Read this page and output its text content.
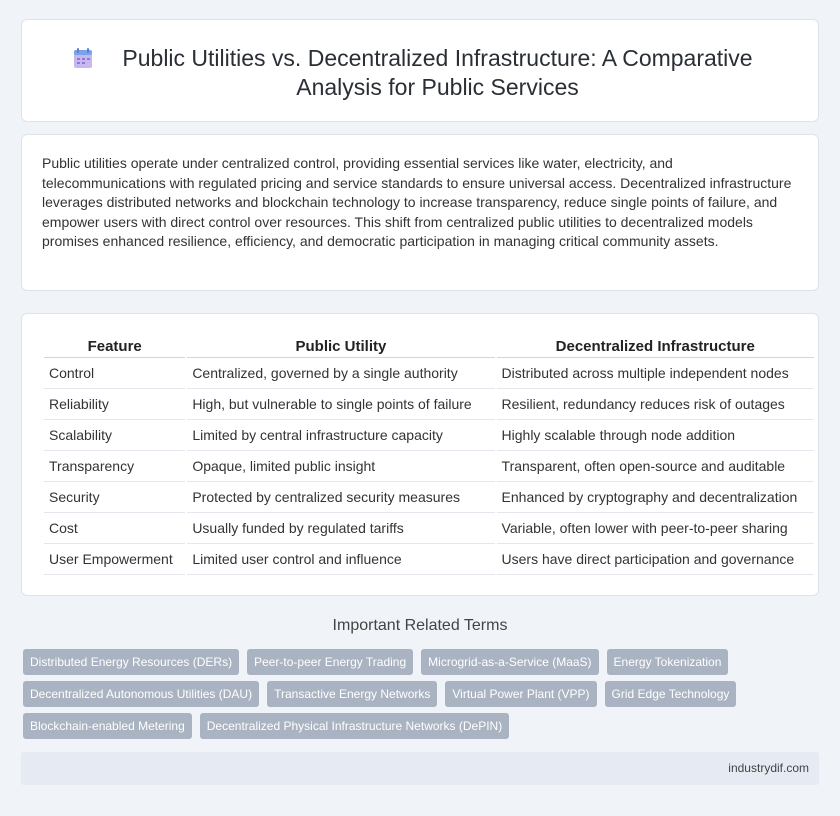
Public Utilities vs. Decentralized Infrastructure: A Comparative Analysis for Public Services
Public utilities operate under centralized control, providing essential services like water, electricity, and telecommunications with regulated pricing and service standards to ensure universal access. Decentralized infrastructure leverages distributed networks and blockchain technology to increase transparency, reduce single points of failure, and empower users with direct control over resources. This shift from centralized public utilities to decentralized models promises enhanced resilience, efficiency, and democratic participation in managing critical community assets.
Feature	Public Utility	Decentralized Infrastructure
Control	Centralized, governed by a single authority	Distributed across multiple independent nodes
Reliability	High, but vulnerable to single points of failure	Resilient, redundancy reduces risk of outages
Scalability	Limited by central infrastructure capacity	Highly scalable through node addition
Transparency	Opaque, limited public insight	Transparent, often open-source and auditable
Security	Protected by centralized security measures	Enhanced by cryptography and decentralization
Cost	Usually funded by regulated tariffs	Variable, often lower with peer-to-peer sharing
User Empowerment	Limited user control and influence	Users have direct participation and governance
Important Related Terms
Distributed Energy Resources (DERs)	Peer-to-peer Energy Trading	Microgrid-as-a-Service (MaaS)	Energy Tokenization
Decentralized Autonomous Utilities (DAU)	Transactive Energy Networks	Virtual Power Plant (VPP)	Grid Edge Technology
Blockchain-enabled Metering	Decentralized Physical Infrastructure Networks (DePIN)
industrydif.com
